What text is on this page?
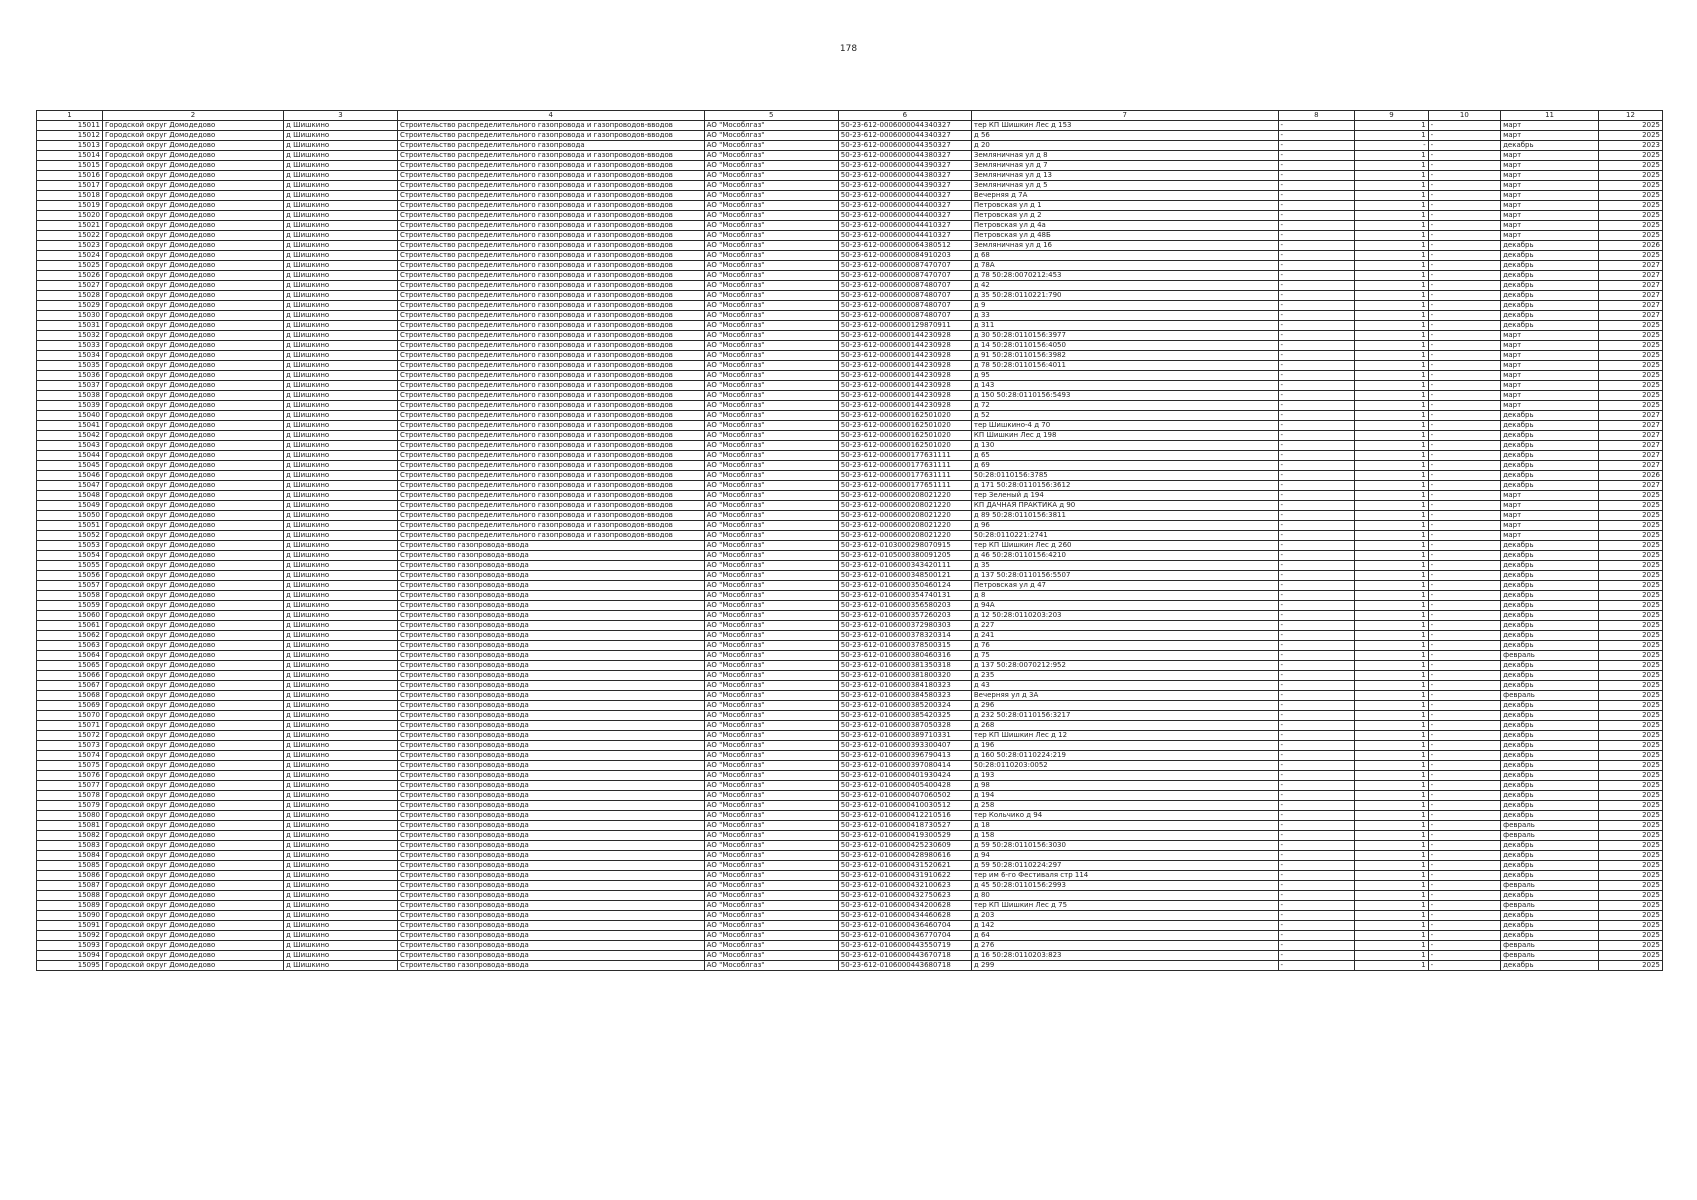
178
1	2	3	4	5	6	7	8	9	10	11	12
15011	Городской округ Домодедово	д Шишкино	Строительство распределительного газопровода и газопроводов-вводов	АО "Мособлгаз"	50-23-612-0006000044340327	тер КП Шишкин Лес д 153	-	1	-	март	2025
15012	Городской округ Домодедово	д Шишкино	Строительство распределительного газопровода и газопроводов-вводов	АО "Мособлгаз"	50-23-612-0006000044340327	д 56	-	1	-	март	2025
15013	Городской округ Домодедово	д Шишкино	Строительство распределительного газопровода	АО "Мособлгаз"	50-23-612-0006000044350327	д 20	-	-	-	декабрь	2023
15014	Городской округ Домодедово	д Шишкино	Строительство распределительного газопровода и газопроводов-вводов	АО "Мособлгаз"	50-23-612-0006000044380327	Земляничная ул д 8	-	1	-	март	2025
15015	Городской округ Домодедово	д Шишкино	Строительство распределительного газопровода и газопроводов-вводов	АО "Мособлгаз"	50-23-612-0006000044390327	Земляничная ул д 7	-	1	-	март	2025
15016	Городской округ Домодедово	д Шишкино	Строительство распределительного газопровода и газопроводов-вводов	АО "Мособлгаз"	50-23-612-0006000044380327	Земляничная ул д 13	-	1	-	март	2025
15017	Городской округ Домодедово	д Шишкино	Строительство распределительного газопровода и газопроводов-вводов	АО "Мособлгаз"	50-23-612-0006000044390327	Земляничная ул д 5	-	1	-	март	2025
15018	Городской округ Домодедово	д Шишкино	Строительство распределительного газопровода и газопроводов-вводов	АО "Мособлгаз"	50-23-612-0006000044400327	Вечерняя д 7А	-	1	-	март	2025
15019	Городской округ Домодедово	д Шишкино	Строительство распределительного газопровода и газопроводов-вводов	АО "Мособлгаз"	50-23-612-0006000044400327	Петровская ул д 1	-	1	-	март	2025
15020	Городской округ Домодедово	д Шишкино	Строительство распределительного газопровода и газопроводов-вводов	АО "Мособлгаз"	50-23-612-0006000044400327	Петровская ул д 2	-	1	-	март	2025
15021	Городской округ Домодедово	д Шишкино	Строительство распределительного газопровода и газопроводов-вводов	АО "Мособлгаз"	50-23-612-0006000044410327	Петровская ул д 4а	-	1	-	март	2025
15022	Городской округ Домодедово	д Шишкино	Строительство распределительного газопровода и газопроводов-вводов	АО "Мособлгаз"	50-23-612-0006000044410327	Петровская ул д 48Б	-	1	-	март	2025
15023	Городской округ Домодедово	д Шишкино	Строительство распределительного газопровода и газопроводов-вводов	АО "Мособлгаз"	50-23-612-0006000064380512	Земляничная ул д 16	-	1	-	декабрь	2026
15024	Городской округ Домодедово	д Шишкино	Строительство распределительного газопровода и газопроводов-вводов	АО "Мособлгаз"	50-23-612-0006000084910203	д 68	-	1	-	декабрь	2025
15025	Городской округ Домодедово	д Шишкино	Строительство распределительного газопровода и газопроводов-вводов	АО "Мособлгаз"	50-23-612-0006000087470707	д 78А	-	1	-	декабрь	2027
15026	Городской округ Домодедово	д Шишкино	Строительство распределительного газопровода и газопроводов-вводов	АО "Мособлгаз"	50-23-612-0006000087470707	д 78 50:28:0070212:453	-	1	-	декабрь	2027
15027	Городской округ Домодедово	д Шишкино	Строительство распределительного газопровода и газопроводов-вводов	АО "Мособлгаз"	50-23-612-0006000087480707	д 42	-	1	-	декабрь	2027
15028	Городской округ Домодедово	д Шишкино	Строительство распределительного газопровода и газопроводов-вводов	АО "Мособлгаз"	50-23-612-0006000087480707	д 35 50:28:0110221:790	-	1	-	декабрь	2027
15029	Городской округ Домодедово	д Шишкино	Строительство распределительного газопровода и газопроводов-вводов	АО "Мособлгаз"	50-23-612-0006000087480707	д 9	-	1	-	декабрь	2027
15030	Городской округ Домодедово	д Шишкино	Строительство распределительного газопровода и газопроводов-вводов	АО "Мособлгаз"	50-23-612-0006000087480707	д 33	-	1	-	декабрь	2027
15031	Городской округ Домодедово	д Шишкино	Строительство распределительного газопровода и газопроводов-вводов	АО "Мособлгаз"	50-23-612-0006000129870911	д 311	-	1	-	декабрь	2025
15032	Городской округ Домодедово	д Шишкино	Строительство распределительного газопровода и газопроводов-вводов	АО "Мособлгаз"	50-23-612-0006000144230928	д 30 50:28:0110156:3977	-	1	-	март	2025
15033	Городской округ Домодедово	д Шишкино	Строительство распределительного газопровода и газопроводов-вводов	АО "Мособлгаз"	50-23-612-0006000144230928	д 14 50:28:0110156:4050	-	1	-	март	2025
15034	Городской округ Домодедово	д Шишкино	Строительство распределительного газопровода и газопроводов-вводов	АО "Мособлгаз"	50-23-612-0006000144230928	д 91 50:28:0110156:3982	-	1	-	март	2025
15035	Городской округ Домодедово	д Шишкино	Строительство распределительного газопровода и газопроводов-вводов	АО "Мособлгаз"	50-23-612-0006000144230928	д 78 50:28:0110156:4011	-	1	-	март	2025
15036	Городской округ Домодедово	д Шишкино	Строительство распределительного газопровода и газопроводов-вводов	АО "Мособлгаз"	50-23-612-0006000144230928	д 95	-	1	-	март	2025
15037	Городской округ Домодедово	д Шишкино	Строительство распределительного газопровода и газопроводов-вводов	АО "Мособлгаз"	50-23-612-0006000144230928	д 143	-	1	-	март	2025
15038	Городской округ Домодедово	д Шишкино	Строительство распределительного газопровода и газопроводов-вводов	АО "Мособлгаз"	50-23-612-0006000144230928	д 150 50:28:0110156:5493	-	1	-	март	2025
15039	Городской округ Домодедово	д Шишкино	Строительство распределительного газопровода и газопроводов-вводов	АО "Мособлгаз"	50-23-612-0006000144230928	д 72	-	1	-	март	2025
15040	Городской округ Домодедово	д Шишкино	Строительство распределительного газопровода и газопроводов-вводов	АО "Мособлгаз"	50-23-612-0006000162501020	д 52	-	1	-	декабрь	2027
15041	Городской округ Домодедово	д Шишкино	Строительство распределительного газопровода и газопроводов-вводов	АО "Мособлгаз"	50-23-612-0006000162501020	тер Шишкино-4 д 70	-	1	-	декабрь	2027
15042	Городской округ Домодедово	д Шишкино	Строительство распределительного газопровода и газопроводов-вводов	АО "Мособлгаз"	50-23-612-0006000162501020	КП Шишкин Лес д 198	-	1	-	декабрь	2027
15043	Городской округ Домодедово	д Шишкино	Строительство распределительного газопровода и газопроводов-вводов	АО "Мособлгаз"	50-23-612-0006000162501020	д 130	-	1	-	декабрь	2027
15044	Городской округ Домодедово	д Шишкино	Строительство распределительного газопровода и газопроводов-вводов	АО "Мособлгаз"	50-23-612-0006000177631111	д 65	-	1	-	декабрь	2027
15045	Городской округ Домодедово	д Шишкино	Строительство распределительного газопровода и газопроводов-вводов	АО "Мособлгаз"	50-23-612-0006000177631111	д 69	-	1	-	декабрь	2027
15046	Городской округ Домодедово	д Шишкино	Строительство распределительного газопровода и газопроводов-вводов	АО "Мособлгаз"	50-23-612-0006000177631111	50:28:0110156:3785	-	1	-	декабрь	2026
15047	Городской округ Домодедово	д Шишкино	Строительство распределительного газопровода и газопроводов-вводов	АО "Мособлгаз"	50-23-612-0006000177651111	д 171 50:28:0110156:3612	-	1	-	декабрь	2027
15048	Городской округ Домодедово	д Шишкино	Строительство распределительного газопровода и газопроводов-вводов	АО "Мособлгаз"	50-23-612-0006000208021220	тер Зеленый д 194	-	1	-	март	2025
15049	Городской округ Домодедово	д Шишкино	Строительство распределительного газопровода и газопроводов-вводов	АО "Мособлгаз"	50-23-612-0006000208021220	КП ДАЧНАЯ ПРАКТИКА д 90	-	1	-	март	2025
15050	Городской округ Домодедово	д Шишкино	Строительство распределительного газопровода и газопроводов-вводов	АО "Мособлгаз"	50-23-612-0006000208021220	д 89 50:28:0110156:3811	-	1	-	март	2025
15051	Городской округ Домодедово	д Шишкино	Строительство распределительного газопровода и газопроводов-вводов	АО "Мособлгаз"	50-23-612-0006000208021220	д 96	-	1	-	март	2025
15052	Городской округ Домодедово	д Шишкино	Строительство распределительного газопровода и газопроводов-вводов	АО "Мособлгаз"	50-23-612-0006000208021220	50:28:0110221:2741	-	1	-	март	2025
15053	Городской округ Домодедово	д Шишкино	Строительство газопровода-ввода	АО "Мособлгаз"	50-23-612-0103000298070915	тер КП Шишкин Лес д 260	-	1	-	декабрь	2025
15054	Городской округ Домодедово	д Шишкино	Строительство газопровода-ввода	АО "Мособлгаз"	50-23-612-0105000380091205	д 46 50:28:0110156:4210	-	1	-	декабрь	2025
15055	Городской округ Домодедово	д Шишкино	Строительство газопровода-ввода	АО "Мособлгаз"	50-23-612-0106000343420111	д 35	-	1	-	декабрь	2025
15056	Городской округ Домодедово	д Шишкино	Строительство газопровода-ввода	АО "Мособлгаз"	50-23-612-0106000348500121	д 137 50:28:0110156:5507	-	1	-	декабрь	2025
15057	Городской округ Домодедово	д Шишкино	Строительство газопровода-ввода	АО "Мособлгаз"	50-23-612-0106000350460124	Петровская ул д 47	-	1	-	декабрь	2025
15058	Городской округ Домодедово	д Шишкино	Строительство газопровода-ввода	АО "Мособлгаз"	50-23-612-0106000354740131	д 8	-	1	-	декабрь	2025
15059	Городской округ Домодедово	д Шишкино	Строительство газопровода-ввода	АО "Мособлгаз"	50-23-612-0106000356580203	д 94А	-	1	-	декабрь	2025
15060	Городской округ Домодедово	д Шишкино	Строительство газопровода-ввода	АО "Мособлгаз"	50-23-612-0106000357260203	д 12 50:28:0110203:203	-	1	-	декабрь	2025
15061	Городской округ Домодедово	д Шишкино	Строительство газопровода-ввода	АО "Мособлгаз"	50-23-612-0106000372980303	д 227	-	1	-	декабрь	2025
15062	Городской округ Домодедово	д Шишкино	Строительство газопровода-ввода	АО "Мособлгаз"	50-23-612-0106000378320314	д 241	-	1	-	декабрь	2025
15063	Городской округ Домодедово	д Шишкино	Строительство газопровода-ввода	АО "Мособлгаз"	50-23-612-0106000378500315	д 76	-	1	-	декабрь	2025
15064	Городской округ Домодедово	д Шишкино	Строительство газопровода-ввода	АО "Мособлгаз"	50-23-612-0106000380460316	д 75	-	1	-	февраль	2025
15065	Городской округ Домодедово	д Шишкино	Строительство газопровода-ввода	АО "Мособлгаз"	50-23-612-0106000381350318	д 137 50:28:0070212:952	-	1	-	декабрь	2025
15066	Городской округ Домодедово	д Шишкино	Строительство газопровода-ввода	АО "Мособлгаз"	50-23-612-0106000381800320	д 235	-	1	-	декабрь	2025
15067	Городской округ Домодедово	д Шишкино	Строительство газопровода-ввода	АО "Мособлгаз"	50-23-612-0106000384180323	д 43	-	1	-	декабрь	2025
15068	Городской округ Домодедово	д Шишкино	Строительство газопровода-ввода	АО "Мособлгаз"	50-23-612-0106000384580323	Вечерняя ул д 3А	-	1	-	февраль	2025
15069	Городской округ Домодедово	д Шишкино	Строительство газопровода-ввода	АО "Мособлгаз"	50-23-612-0106000385200324	д 296	-	1	-	декабрь	2025
15070	Городской округ Домодедово	д Шишкино	Строительство газопровода-ввода	АО "Мособлгаз"	50-23-612-0106000385420325	д 232 50:28:0110156:3217	-	1	-	декабрь	2025
15071	Городской округ Домодедово	д Шишкино	Строительство газопровода-ввода	АО "Мособлгаз"	50-23-612-0106000387050328	д 268	-	1	-	декабрь	2025
15072	Городской округ Домодедово	д Шишкино	Строительство газопровода-ввода	АО "Мособлгаз"	50-23-612-0106000389710331	тер КП Шишкин Лес д 12	-	1	-	декабрь	2025
15073	Городской округ Домодедово	д Шишкино	Строительство газопровода-ввода	АО "Мособлгаз"	50-23-612-0106000393300407	д 196	-	1	-	декабрь	2025
15074	Городской округ Домодедово	д Шишкино	Строительство газопровода-ввода	АО "Мособлгаз"	50-23-612-0106000396790413	д 160 50:28:0110224:219	-	1	-	декабрь	2025
15075	Городской округ Домодедово	д Шишкино	Строительство газопровода-ввода	АО "Мособлгаз"	50-23-612-0106000397080414	50:28:0110203:0052	-	1	-	декабрь	2025
15076	Городской округ Домодедово	д Шишкино	Строительство газопровода-ввода	АО "Мособлгаз"	50-23-612-0106000401930424	д 193	-	1	-	декабрь	2025
15077	Городской округ Домодедово	д Шишкино	Строительство газопровода-ввода	АО "Мособлгаз"	50-23-612-0106000405400428	д 98	-	1	-	декабрь	2025
15078	Городской округ Домодедово	д Шишкино	Строительство газопровода-ввода	АО "Мособлгаз"	50-23-612-0106000407060502	д 194	-	1	-	декабрь	2025
15079	Городской округ Домодедово	д Шишкино	Строительство газопровода-ввода	АО "Мособлгаз"	50-23-612-0106000410030512	д 258	-	1	-	декабрь	2025
15080	Городской округ Домодедово	д Шишкино	Строительство газопровода-ввода	АО "Мособлгаз"	50-23-612-0106000412210516	тер Кольчико д 94	-	1	-	декабрь	2025
15081	Городской округ Домодедово	д Шишкино	Строительство газопровода-ввода	АО "Мособлгаз"	50-23-612-0106000418730527	д 18	-	1	-	февраль	2025
15082	Городской округ Домодедово	д Шишкино	Строительство газопровода-ввода	АО "Мособлгаз"	50-23-612-0106000419300529	д 158	-	1	-	февраль	2025
15083	Городской округ Домодедово	д Шишкино	Строительство газопровода-ввода	АО "Мособлгаз"	50-23-612-0106000425230609	д 59 50:28:0110156:3030	-	1	-	декабрь	2025
15084	Городской округ Домодедово	д Шишкино	Строительство газопровода-ввода	АО "Мособлгаз"	50-23-612-0106000428980616	д 94	-	1	-	декабрь	2025
15085	Городской округ Домодедово	д Шишкино	Строительство газопровода-ввода	АО "Мособлгаз"	50-23-612-0106000431520621	д 59 50:28:0110224:297	-	1	-	декабрь	2025
15086	Городской округ Домодедово	д Шишкино	Строительство газопровода-ввода	АО "Мособлгаз"	50-23-612-0106000431910622	тер им 6-го Фестиваля стр 114	-	1	-	декабрь	2025
15087	Городской округ Домодедово	д Шишкино	Строительство газопровода-ввода	АО "Мособлгаз"	50-23-612-0106000432100623	д 45 50:28:0110156:2993	-	1	-	февраль	2025
15088	Городской округ Домодедово	д Шишкино	Строительство газопровода-ввода	АО "Мособлгаз"	50-23-612-0106000432750623	д 80	-	1	-	декабрь	2025
15089	Городской округ Домодедово	д Шишкино	Строительство газопровода-ввода	АО "Мособлгаз"	50-23-612-0106000434200628	тер КП Шишкин Лес д 75	-	1	-	февраль	2025
15090	Городской округ Домодедово	д Шишкино	Строительство газопровода-ввода	АО "Мособлгаз"	50-23-612-0106000434460628	д 203	-	1	-	декабрь	2025
15091	Городской округ Домодедово	д Шишкино	Строительство газопровода-ввода	АО "Мособлгаз"	50-23-612-0106000436460704	д 142	-	1	-	декабрь	2025
15092	Городской округ Домодедово	д Шишкино	Строительство газопровода-ввода	АО "Мособлгаз"	50-23-612-0106000436770704	д 64	-	1	-	декабрь	2025
15093	Городской округ Домодедово	д Шишкино	Строительство газопровода-ввода	АО "Мособлгаз"	50-23-612-0106000443550719	д 276	-	1	-	февраль	2025
15094	Городской округ Домодедово	д Шишкино	Строительство газопровода-ввода	АО "Мособлгаз"	50-23-612-0106000443670718	д 16 50:28:0110203:823	-	1	-	февраль	2025
15095	Городской округ Домодедово	д Шишкино	Строительство газопровода-ввода	АО "Мособлгаз"	50-23-612-0106000443680718	д 299	-	1	-	декабрь	2025
